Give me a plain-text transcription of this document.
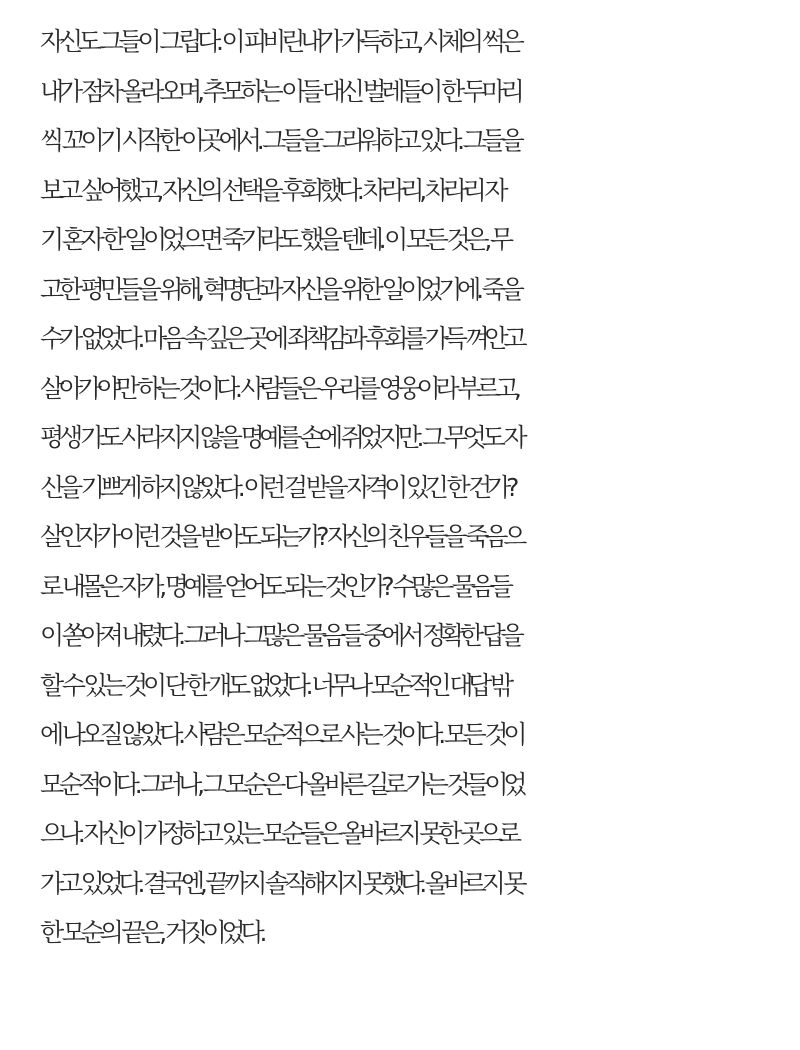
자신도 그들이 그립다. 이 피비린내가 가득하고, 시체의 썩은
내가 점차 올라오며, 추모하는 이들 대신 벌레들이 한 두마리
씩 꼬이기 시작한 이곳에서. 그들을 그리워하고 있다. 그들을
보고 싶어했고, 자신의 선택을 후회했다. 차라리, 차라리 자
기 혼자 한 일이었으면 죽기라도 했을 텐데. 이 모든 것은, 무
고한 평민들을 위해, 혁명단과 자신을 위한 일이었기에. 죽을
수가 없었다. 마음 속 깊은 곳에 죄책감과 후회를 가득 껴안고
살아가야만 하는 것이다. 사람들은 우리를 영웅이라 부르고,
평생 가도 사라지지 않을 명예를 손에 쥐었지만. 그 무엇도 자
신을 기쁘게 하지 않았다. 이런 걸 받을 자격이 있긴 한 건가?
살인자가 이런 것을 받아도 되는가? 자신의 친우들을 죽음으
로 내몰은 자가, 명예를 얻어도 되는 것인가? 수많은 물음들
이 쏟아져 내렸다. 그러나 그많은 물음들 중에서 정확한 답을
할 수 있는 것이 단 한 개도 없었다. 너무나 모순적인 대답 밖
에 나오질 않았다. 사람은 모순적으로 사는 것이다. 모든 것이
모순적이다. 그러나, 그 모순은 다 올바른 길로 가는 것들이었
으나. 자신이 가정하고 있는 모순들은 올바르지 못한 곳으로
가고 있었다. 결국엔, 끝까지 솔직해지지 못했다. 올바르지 못
한 모순의 끝은, 거짓이었다.
